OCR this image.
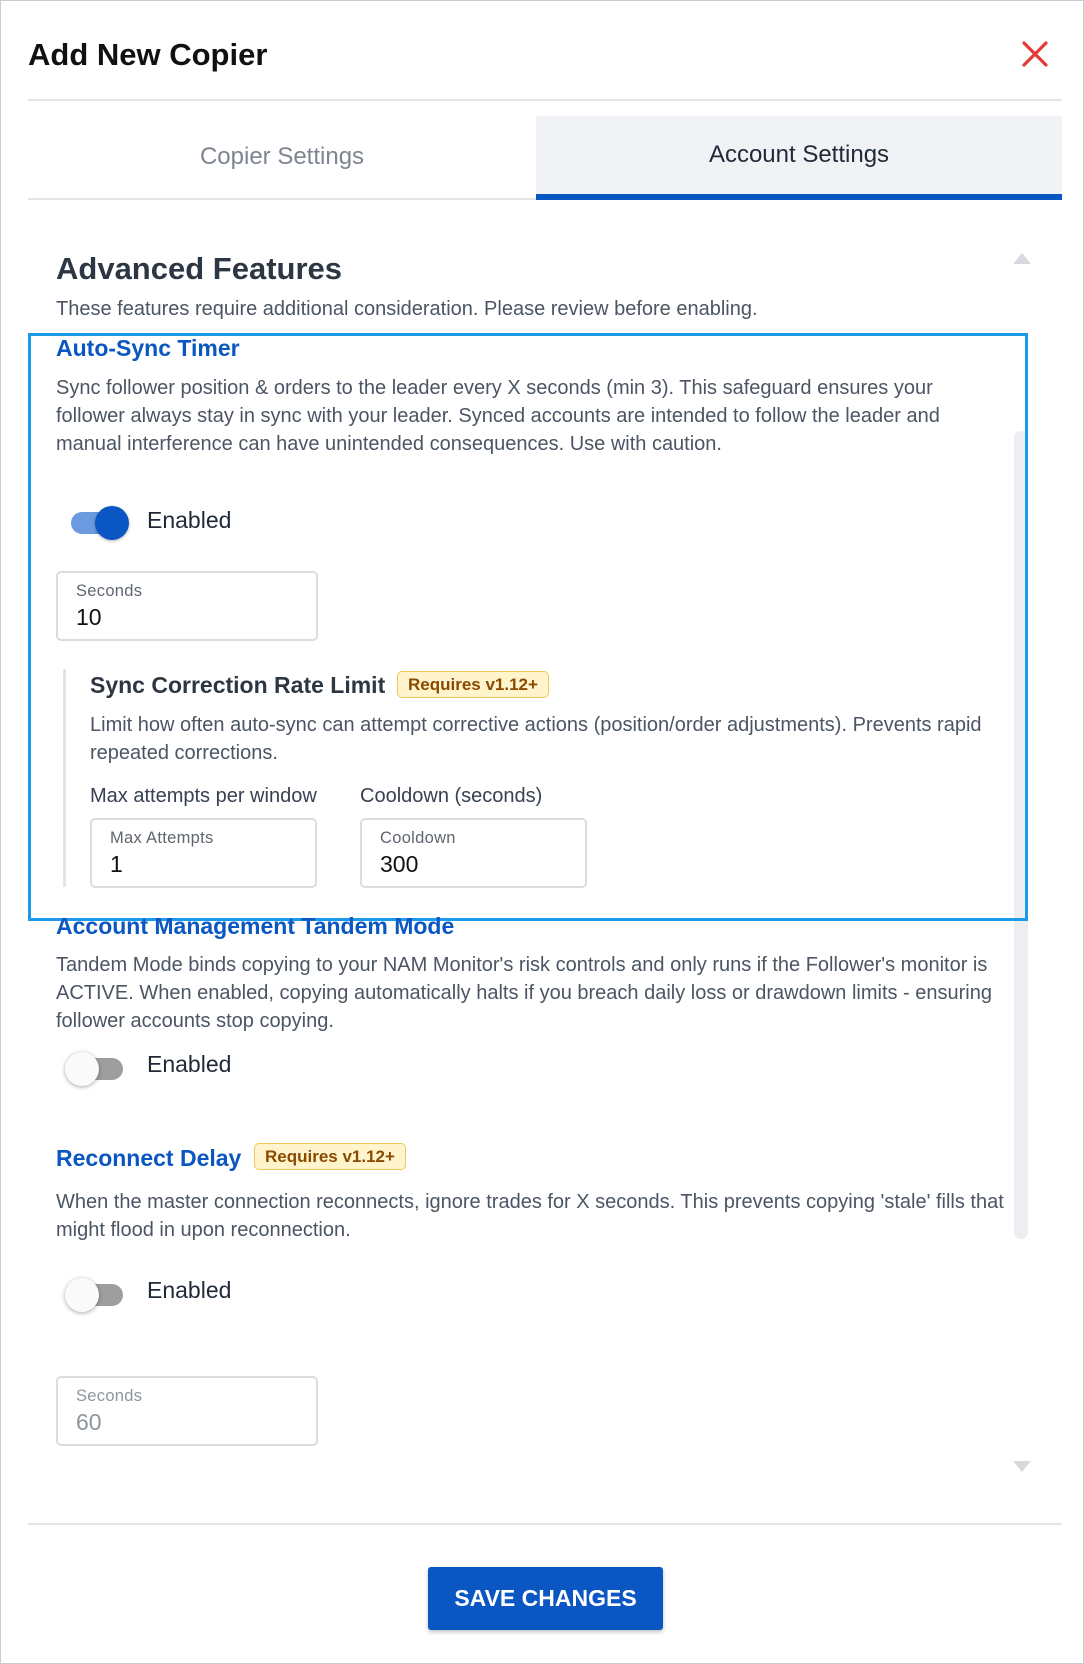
Add New Copier
Copier Settings	Account Settings
Advanced Features
These features require additional consideration. Please review before enabling.
Auto-Sync Timer
Sync follower position & orders to the leader every X seconds (min 3). This safeguard ensures your follower always stay in sync with your leader. Synced accounts are intended to follow the leader and manual interference can have unintended consequences. Use with caution.
Enabled
Seconds
10
Sync Correction Rate Limit	Requires v1.12+
Limit how often auto-sync can attempt corrective actions (position/order adjustments). Prevents rapid repeated corrections.
Max attempts per window Cooldown (seconds)
Max Attempts
1
Cooldown
300
Account Management Tandem Mode
Tandem Mode binds copying to your NAM Monitor's risk controls and only runs if the Follower's monitor is ACTIVE. When enabled, copying automatically halts if you breach daily loss or drawdown limits - ensuring follower accounts stop copying.
Enabled
Reconnect Delay	Requires v1.12+
When the master connection reconnects, ignore trades for X seconds. This prevents copying 'stale' fills that might flood in upon reconnection.
Enabled
Seconds
60
SAVE CHANGES
